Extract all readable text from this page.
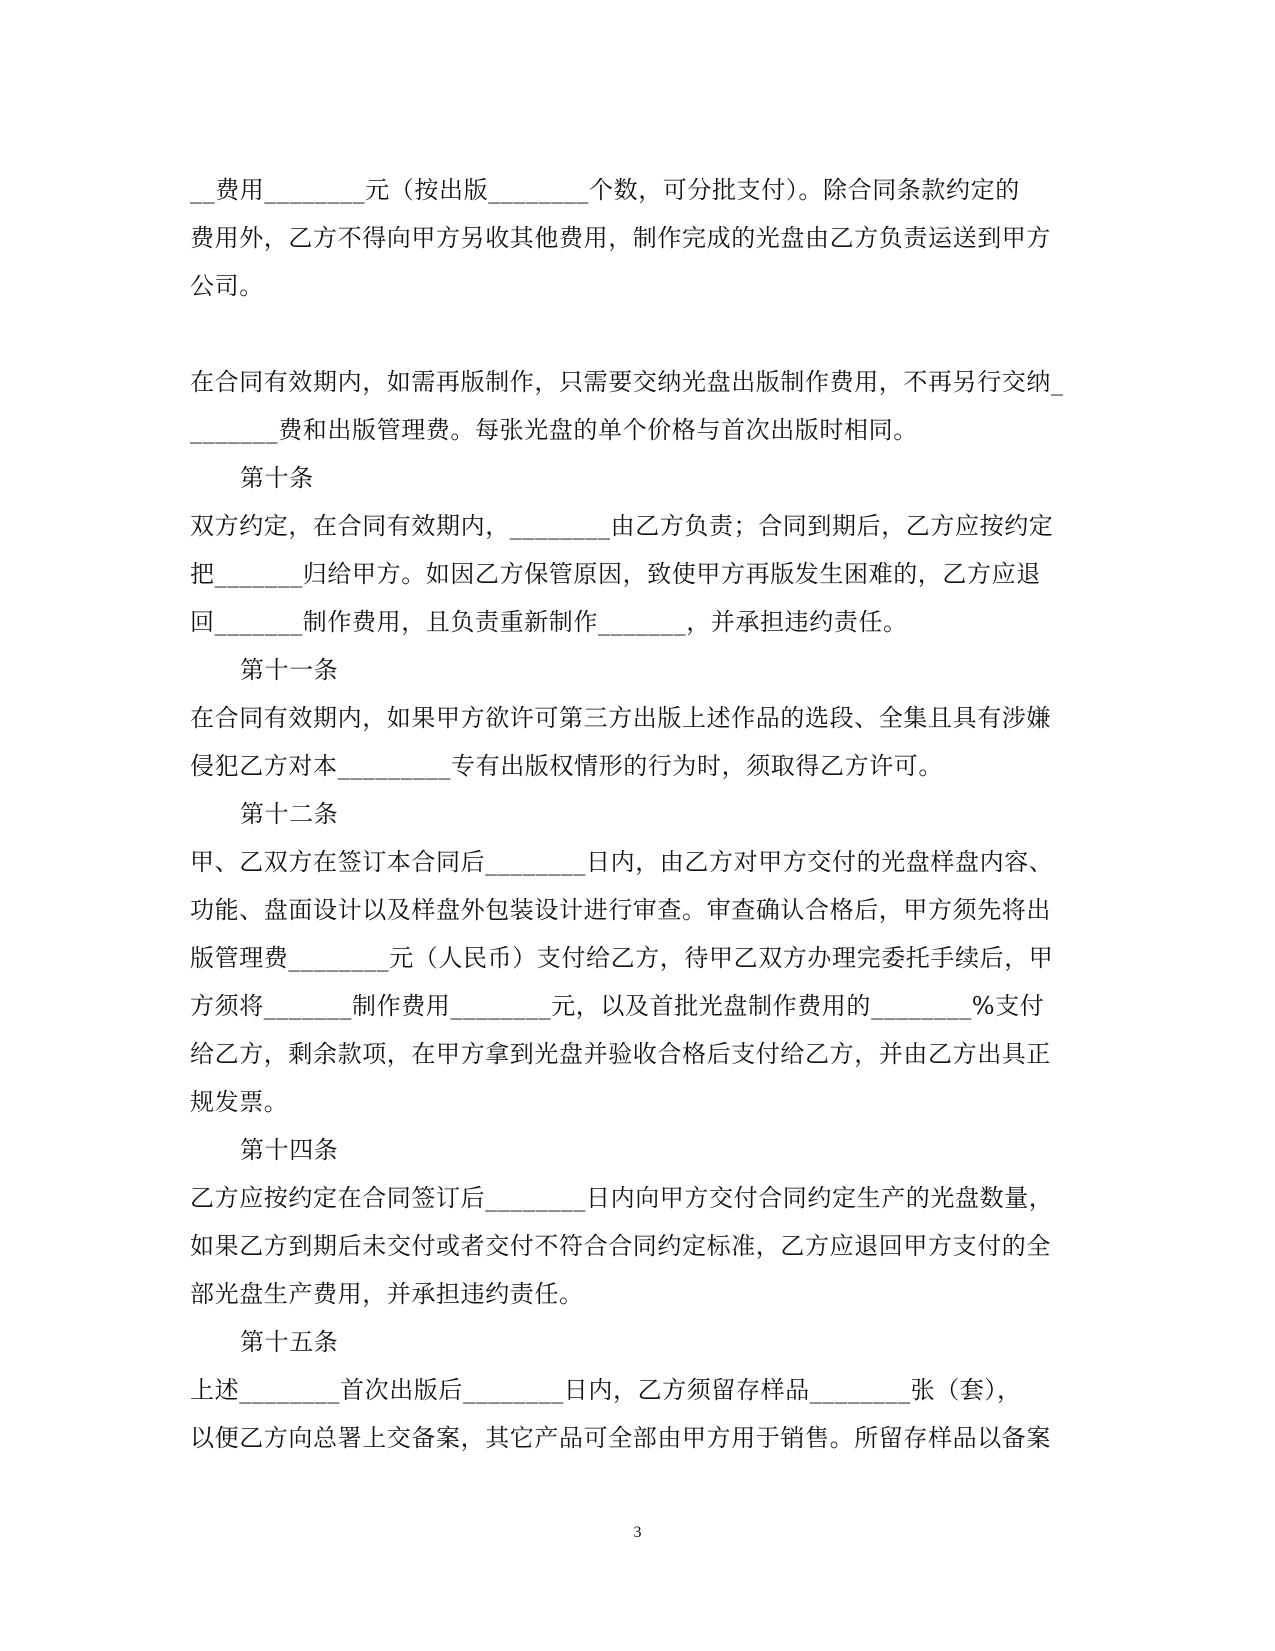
__费用________元（按出版________个数，可分批支付）。除合同条款约定的
费用外，乙方不得向甲方另收其他费用，制作完成的光盘由乙方负责运送到甲方
公司。
在合同有效期内，如需再版制作，只需要交纳光盘出版制作费用，不再另行交纳_
_______费和出版管理费。每张光盘的单个价格与首次出版时相同。
第十条
双方约定，在合同有效期内，________由乙方负责；合同到期后，乙方应按约定
把_______归给甲方。如因乙方保管原因，致使甲方再版发生困难的，乙方应退
回_______制作费用，且负责重新制作_______，并承担违约责任。
第十一条
在合同有效期内，如果甲方欲许可第三方出版上述作品的选段、全集且具有涉嫌
侵犯乙方对本_________专有出版权情形的行为时，须取得乙方许可。
第十二条
甲、乙双方在签订本合同后________日内，由乙方对甲方交付的光盘样盘内容、
功能、盘面设计以及样盘外包装设计进行审查。审查确认合格后，甲方须先将出
版管理费________元（人民币）支付给乙方，待甲乙双方办理完委托手续后，甲
方须将_______制作费用________元，以及首批光盘制作费用的________%支付
给乙方，剩余款项，在甲方拿到光盘并验收合格后支付给乙方，并由乙方出具正
规发票。
第十四条
乙方应按约定在合同签订后________日内向甲方交付合同约定生产的光盘数量，
如果乙方到期后未交付或者交付不符合合同约定标准，乙方应退回甲方支付的全
部光盘生产费用，并承担违约责任。
第十五条
上述________首次出版后________日内，乙方须留存样品________张（套），
以便乙方向总署上交备案，其它产品可全部由甲方用于销售。所留存样品以备案
3
